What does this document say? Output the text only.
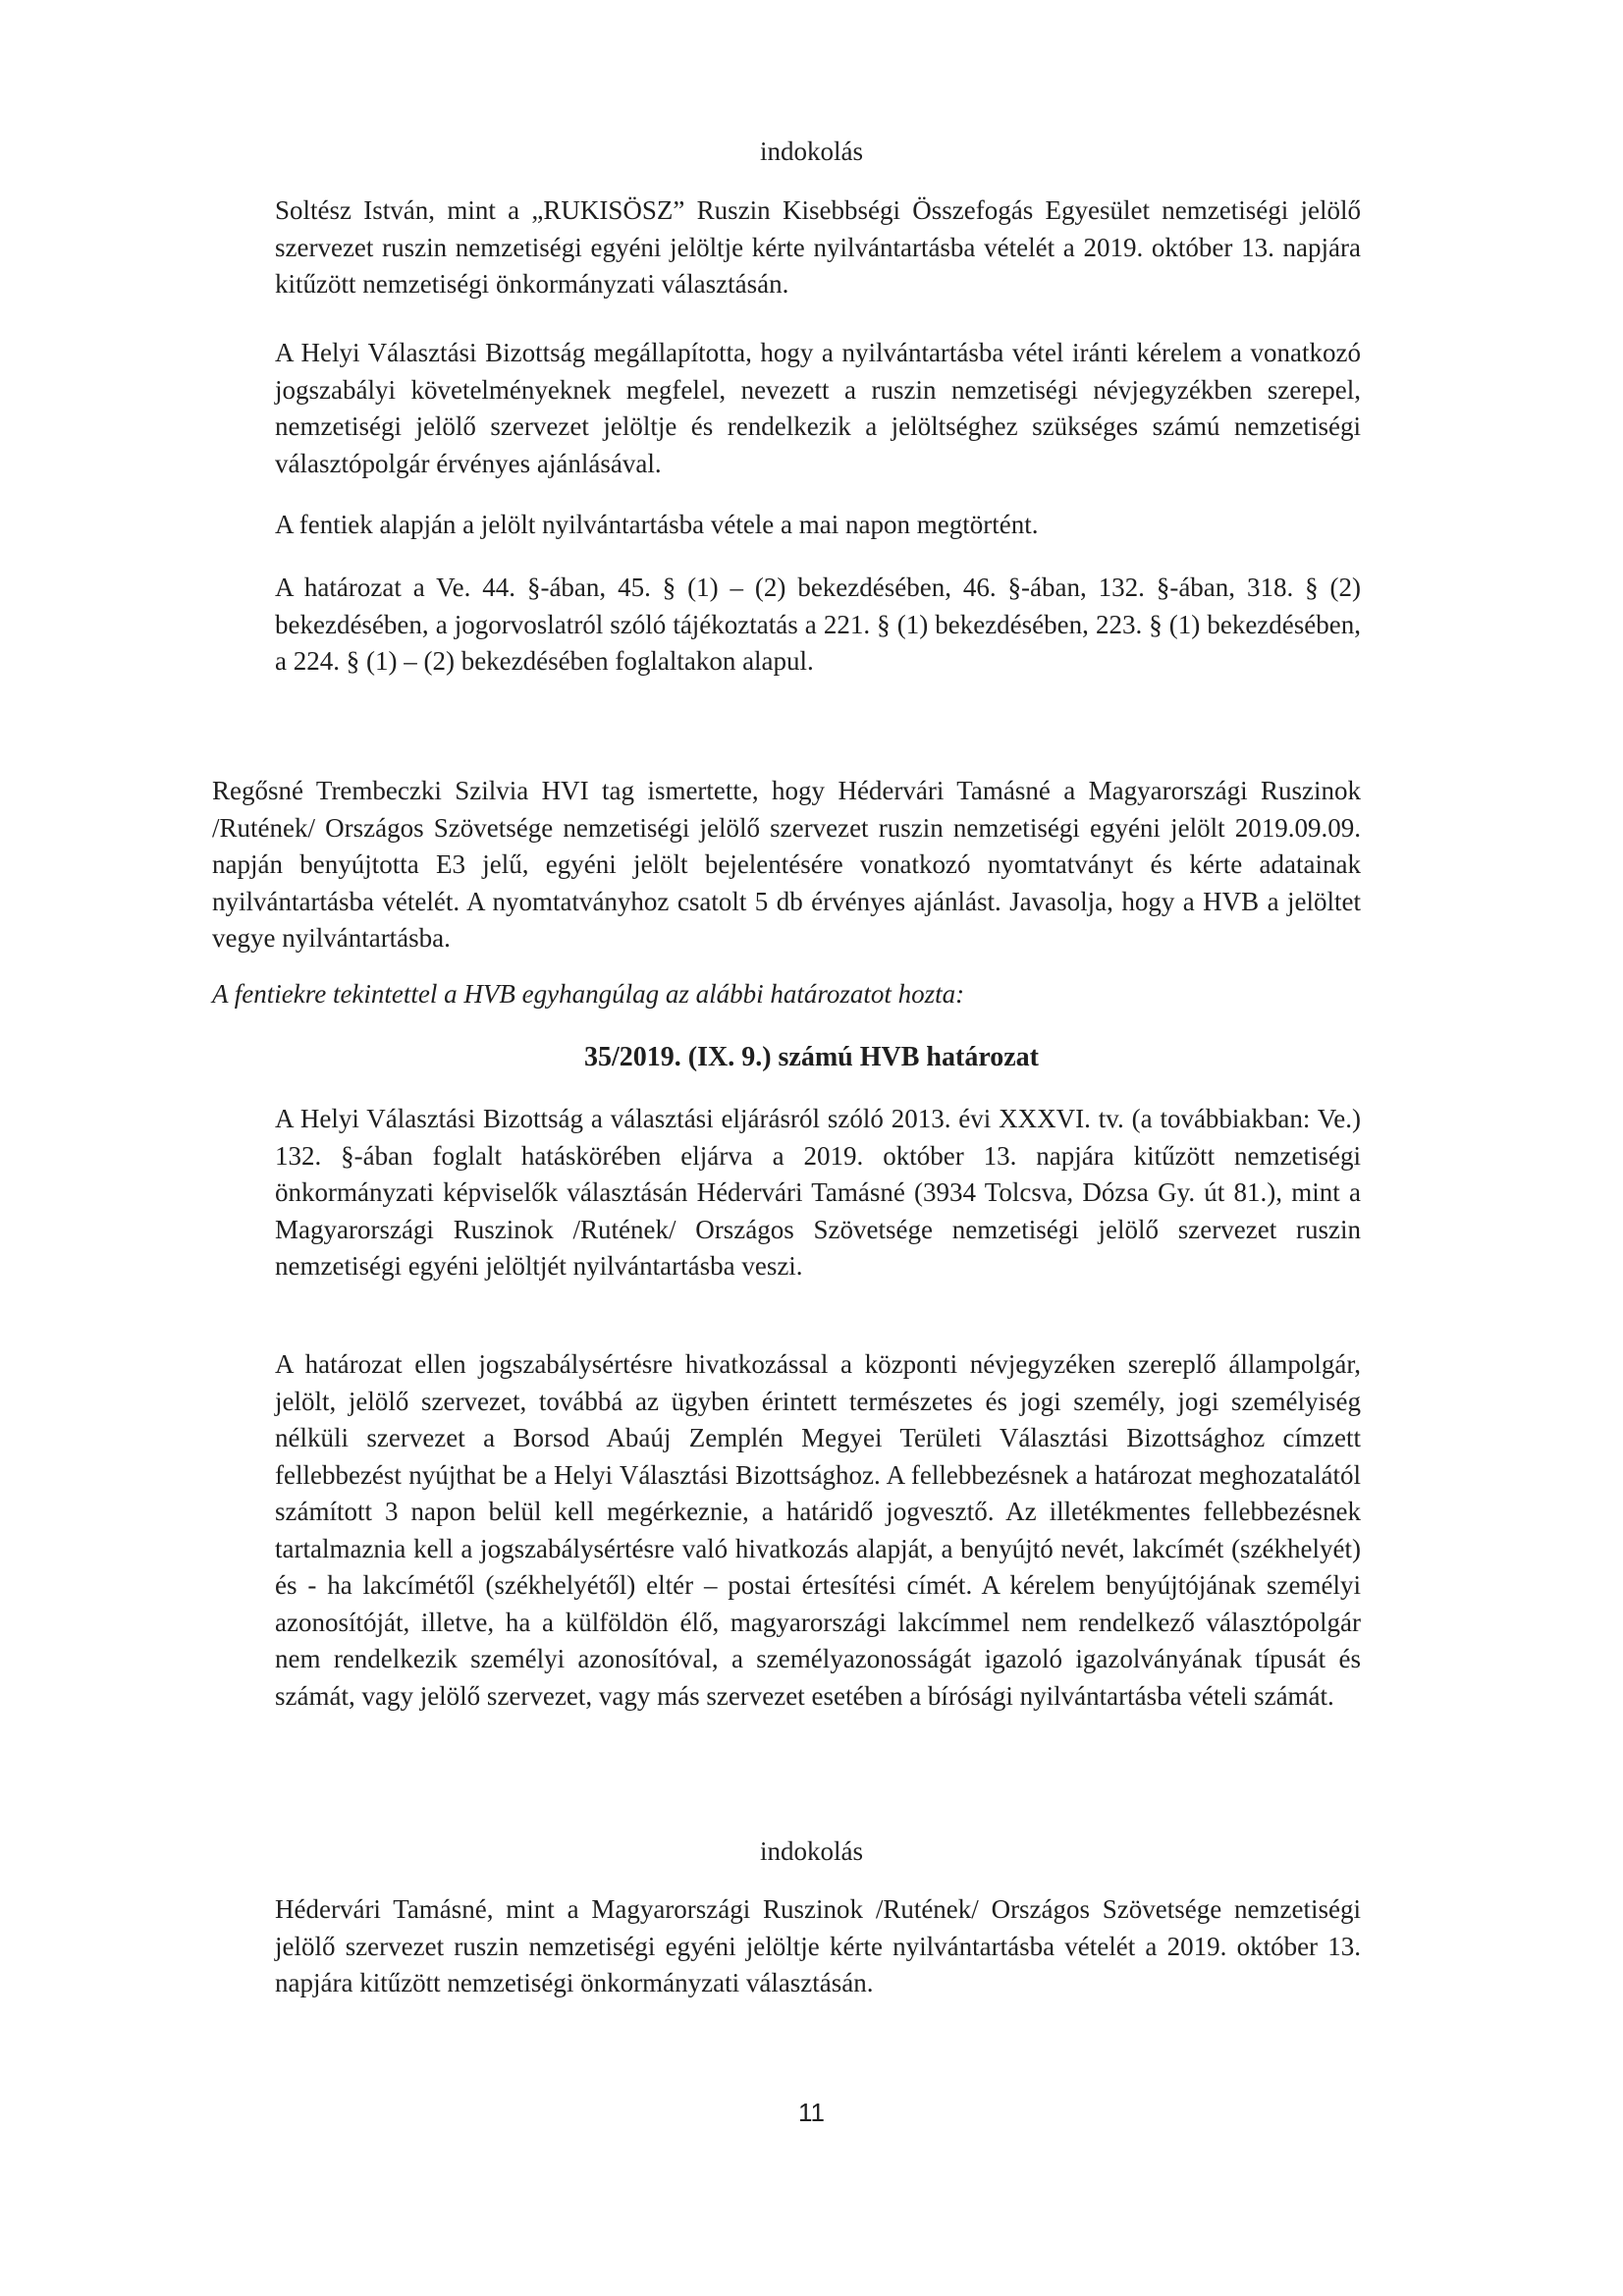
indokolás
Soltész István, mint a „RUKISÖSZ” Ruszin Kisebbségi Összefogás Egyesület nemzetiségi jelölő szervezet ruszin nemzetiségi egyéni jelöltje kérte nyilvántartásba vételét a 2019. október 13. napjára kitűzött nemzetiségi önkormányzati választásán.
A Helyi Választási Bizottság megállapította, hogy a nyilvántartásba vétel iránti kérelem a vonatkozó jogszabályi követelményeknek megfelel, nevezett a ruszin nemzetiségi névjegyzékben szerepel, nemzetiségi jelölő szervezet jelöltje és rendelkezik a jelöltséghez szükséges számú nemzetiségi választópolgár érvényes ajánlásával.
A fentiek alapján a jelölt nyilvántartásba vétele a mai napon megtörtént.
A határozat a Ve. 44. §-ában, 45. § (1) – (2) bekezdésében, 46. §-ában, 132. §-ában, 318. § (2) bekezdésében, a jogorvoslatról szóló tájékoztatás a 221. § (1) bekezdésében, 223. § (1) bekezdésében, a 224. § (1) – (2) bekezdésében foglaltakon alapul.
Regősné Trembeczki Szilvia HVI tag ismertette, hogy Hédervári Tamásné a Magyarországi Ruszinok /Rutének/ Országos Szövetsége nemzetiségi jelölő szervezet ruszin nemzetiségi egyéni jelölt 2019.09.09. napján benyújtotta E3 jelű, egyéni jelölt bejelentésére vonatkozó nyomtatványt és kérte adatainak nyilvántartásba vételét. A nyomtatványhoz csatolt 5 db érvényes ajánlást. Javasolja, hogy a HVB a jelöltet vegye nyilvántartásba.
A fentiekre tekintettel a HVB egyhangúlag az alábbi határozatot hozta:
35/2019. (IX. 9.) számú HVB határozat
A Helyi Választási Bizottság a választási eljárásról szóló 2013. évi XXXVI. tv. (a továbbiakban: Ve.) 132. §-ában foglalt hatáskörében eljárva a 2019. október 13. napjára kitűzött nemzetiségi önkormányzati képviselők választásán Hédervári Tamásné (3934 Tolcsva, Dózsa Gy. út 81.), mint a Magyarországi Ruszinok /Rutének/ Országos Szövetsége nemzetiségi jelölő szervezet ruszin nemzetiségi egyéni jelöltjét nyilvántartásba veszi.
A határozat ellen jogszabálysértésre hivatkozással a központi névjegyzéken szereplő állampolgár, jelölt, jelölő szervezet, továbbá az ügyben érintett természetes és jogi személy, jogi személyiség nélküli szervezet a Borsod Abaúj Zemplén Megyei Területi Választási Bizottsághoz címzett fellebbezést nyújthat be a Helyi Választási Bizottsághoz. A fellebbezésnek a határozat meghozatalától számított 3 napon belül kell megérkeznie, a határidő jogvesztő. Az illetékmentes fellebbezésnek tartalmaznia kell a jogszabálysértésre való hivatkozás alapját, a benyújtó nevét, lakcímét (székhelyét) és - ha lakcímétől (székhelyétől) eltér – postai értesítési címét. A kérelem benyújtójának személyi azonosítóját, illetve, ha a külföldön élő, magyarországi lakcímmel nem rendelkező választópolgár nem rendelkezik személyi azonosítóval, a személyazonosságát igazoló igazolványának típusát és számát, vagy jelölő szervezet, vagy más szervezet esetében a bírósági nyilvántartásba vételi számát.
indokolás
Hédervári Tamásné, mint a Magyarországi Ruszinok /Rutének/ Országos Szövetsége nemzetiségi jelölő szervezet ruszin nemzetiségi egyéni jelöltje kérte nyilvántartásba vételét a 2019. október 13. napjára kitűzött nemzetiségi önkormányzati választásán.
11
